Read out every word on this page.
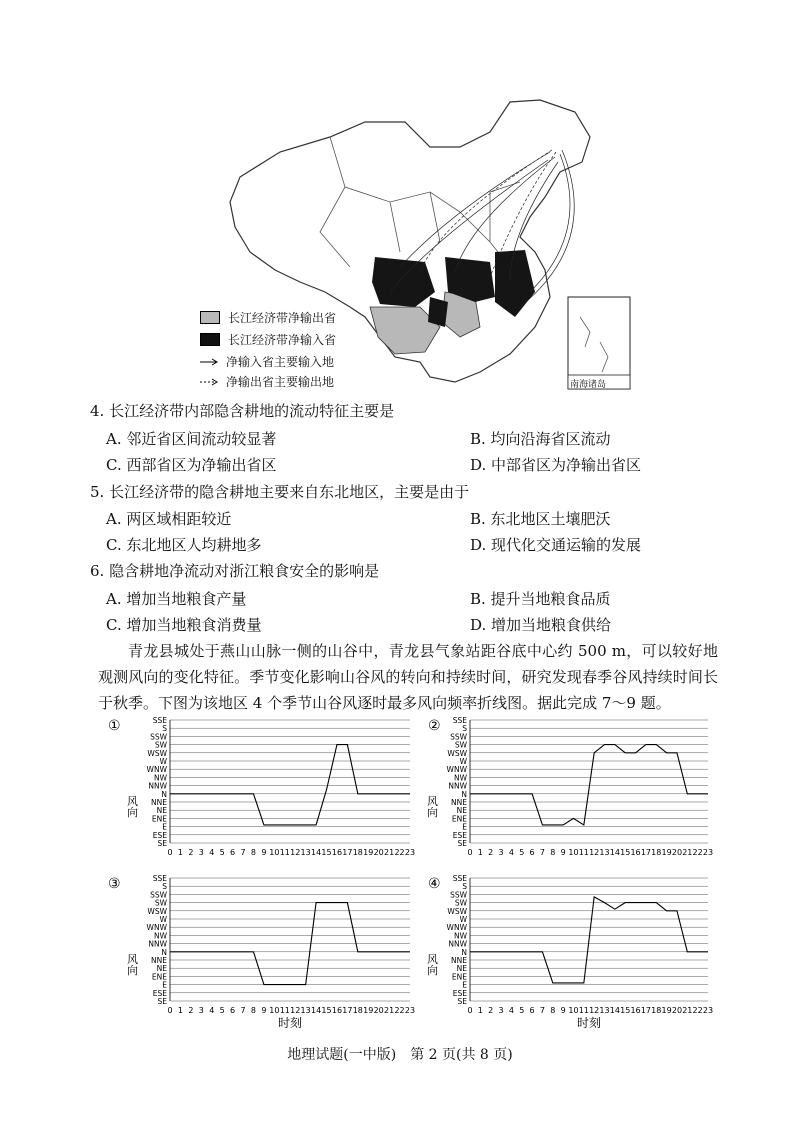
南海诸岛
长江经济带净输出省
长江经济带净输入省
净输入省主要输入地
净输出省主要输出地
4. 长江经济带内部隐含耕地的流动特征主要是
A. 邻近省区间流动较显著	B. 均向沿海省区流动
C. 西部省区为净输出省区	D. 中部省区为净输出省区
5. 长江经济带的隐含耕地主要来自东北地区，主要是由于
A. 两区域相距较近	B. 东北地区土壤肥沃
C. 东北地区人均耕地多	D. 现代化交通运输的发展
6. 隐含耕地净流动对浙江粮食安全的影响是
A. 增加当地粮食产量	B. 提升当地粮食品质
C. 增加当地粮食消费量	D. 增加当地粮食供给
青龙县城处于燕山山脉一侧的山谷中，青龙县气象站距谷底中心约 500 m，可以较好地观测风向的变化特征。季节变化影响山谷风的转向和持续时间，研究发现春季谷风持续时间长于秋季。下图为该地区 4 个季节山谷风逐时最多风向频率折线图。据此完成 7～9 题。
①
风向
SE
ESE
E
ENE
NE
NNE
N
NNW
NW
WNW
W
WSW
SW
SSW
S
SSE
0 1 2 3 4 5 6 7 8 9 10 11 12 13 14 15 16 17 18 19 20 21 22 23
②
风向
SE
ESE
E
ENE
NE
NNE
N
NNW
NW
WNW
W
WSW
SW
SSW
S
SSE
0 1 2 3 4 5 6 7 8 9 10 11 12 13 14 15 16 17 18 19 20 21 22 23
③
风向
SE
ESE
E
ENE
NE
NNE
N
NNW
NW
WNW
W
WSW
SW
SSW
S
SSE
0 1 2 3 4 5 6 7 8 9 10 11 12 13 14 15 16 17 18 19 20 21 22 23
时刻
④
风向
SE
ESE
E
ENE
NE
NNE
N
NNW
NW
WNW
W
WSW
SW
SSW
S
SSE
0 1 2 3 4 5 6 7 8 9 10 11 12 13 14 15 16 17 18 19 20 21 22 23
时刻
地理试题(一中版)　第 2 页(共 8 页)
